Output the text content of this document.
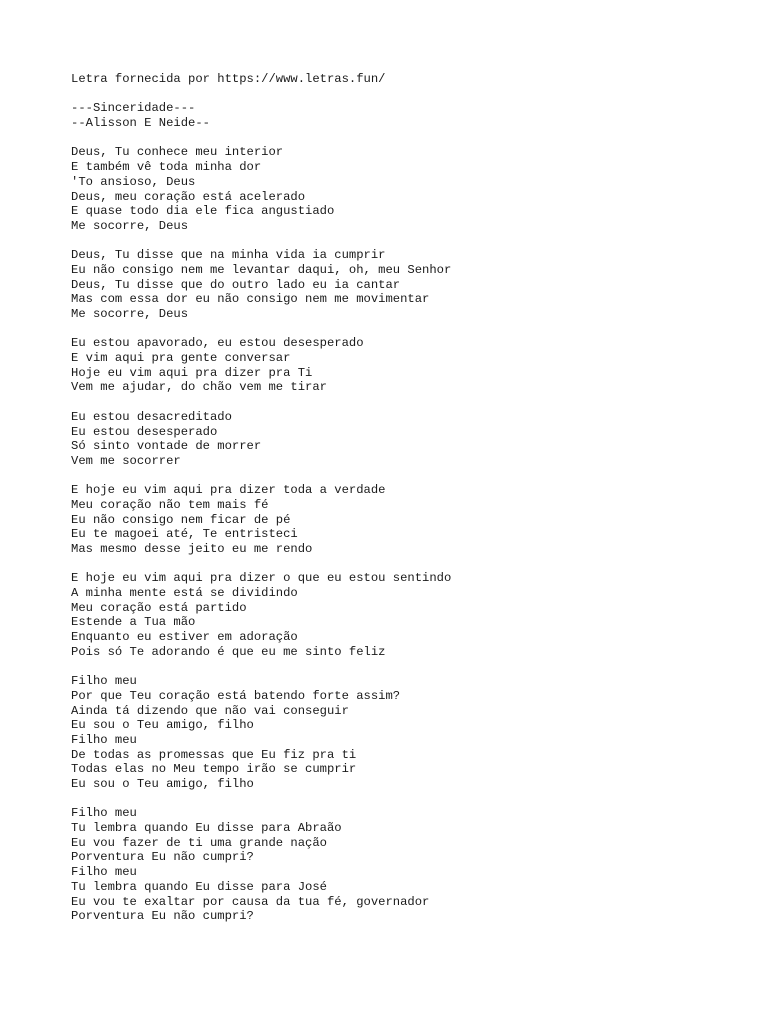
Letra fornecida por https://www.letras.fun/
---Sinceridade---
--Alisson E Neide--
Deus, Tu conhece meu interior
E também vê toda minha dor
'To ansioso, Deus
Deus, meu coração está acelerado
E quase todo dia ele fica angustiado
Me socorre, Deus
Deus, Tu disse que na minha vida ia cumprir
Eu não consigo nem me levantar daqui, oh, meu Senhor
Deus, Tu disse que do outro lado eu ia cantar
Mas com essa dor eu não consigo nem me movimentar
Me socorre, Deus
Eu estou apavorado, eu estou desesperado
E vim aqui pra gente conversar
Hoje eu vim aqui pra dizer pra Ti
Vem me ajudar, do chão vem me tirar
Eu estou desacreditado
Eu estou desesperado
Só sinto vontade de morrer
Vem me socorrer
E hoje eu vim aqui pra dizer toda a verdade
Meu coração não tem mais fé
Eu não consigo nem ficar de pé
Eu te magoei até, Te entristeci
Mas mesmo desse jeito eu me rendo
E hoje eu vim aqui pra dizer o que eu estou sentindo
A minha mente está se dividindo
Meu coração está partido
Estende a Tua mão
Enquanto eu estiver em adoração
Pois só Te adorando é que eu me sinto feliz
Filho meu
Por que Teu coração está batendo forte assim?
Ainda tá dizendo que não vai conseguir
Eu sou o Teu amigo, filho
Filho meu
De todas as promessas que Eu fiz pra ti
Todas elas no Meu tempo irão se cumprir
Eu sou o Teu amigo, filho
Filho meu
Tu lembra quando Eu disse para Abraão
Eu vou fazer de ti uma grande nação
Porventura Eu não cumpri?
Filho meu
Tu lembra quando Eu disse para José
Eu vou te exaltar por causa da tua fé, governador
Porventura Eu não cumpri?
